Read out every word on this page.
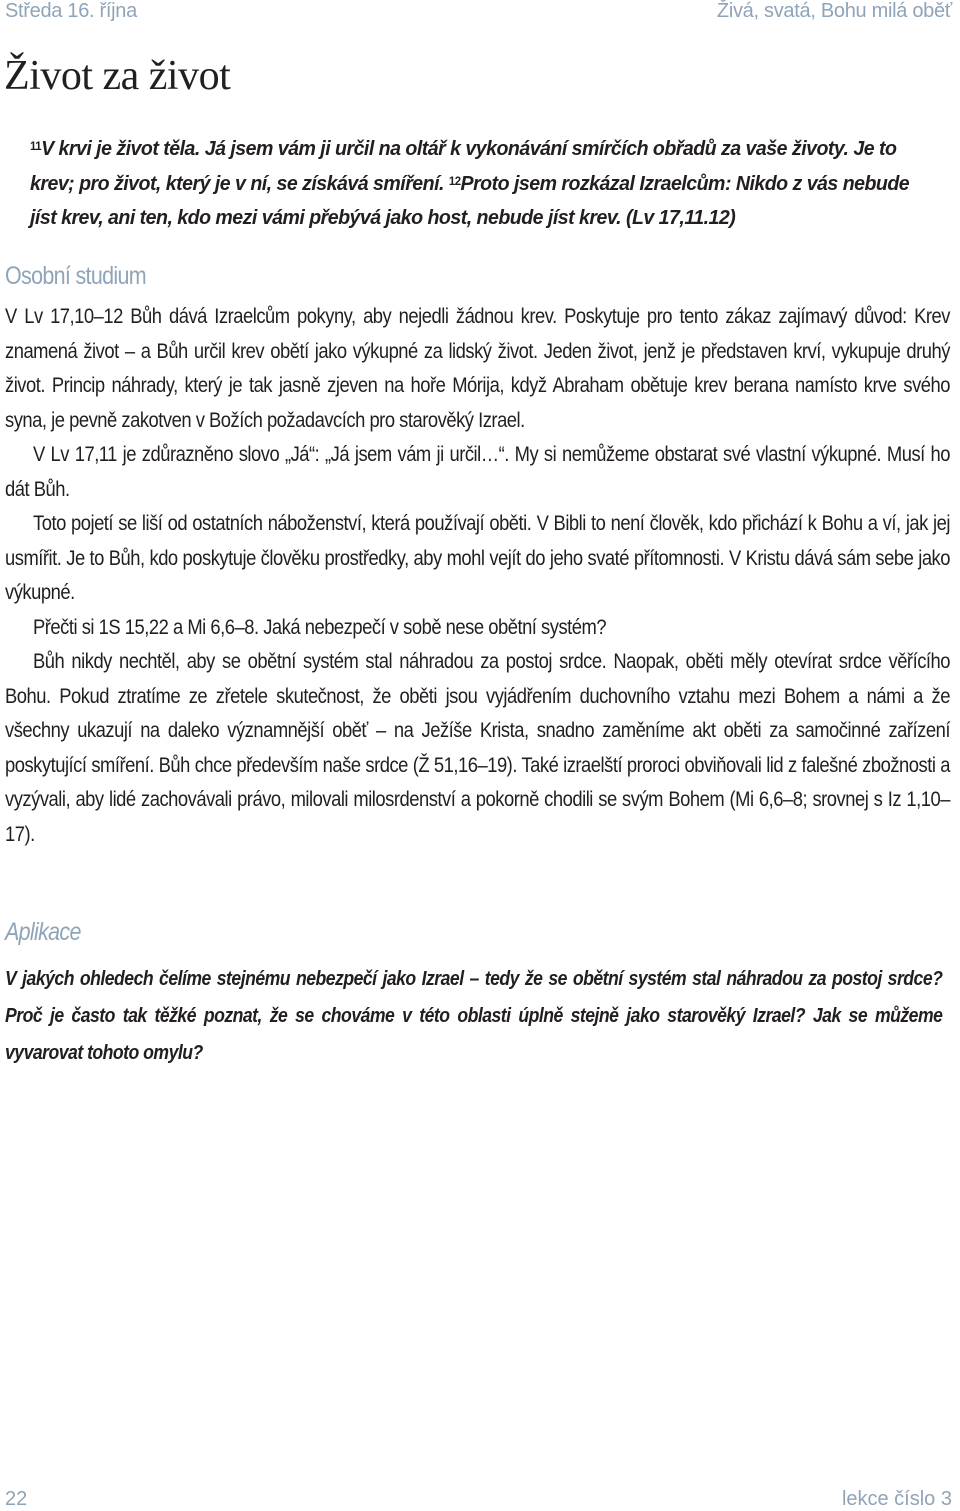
Středa 16. října	Živá, svatá, Bohu milá oběť
Život za život
$^{11}$V krvi je život těla. Já jsem vám ji určil na oltář k vykonávání smírčích obřadů za vaše životy. Je to krev; pro život, který je v ní, se získává smíření. $^{12}$Proto jsem rozkázal Izraelcům: Nikdo z vás nebude jíst krev, ani ten, kdo mezi vámi přebývá jako host, nebude jíst krev. (Lv 17,11.12)
Osobní studium

V Lv 17,10–12 Bůh dává Izraelcům pokyny, aby nejedli žádnou krev. Poskytuje pro tento zákaz zajímavý důvod: Krev znamená život – a Bůh určil krev obětí jako výkupné za lidský život. Jeden život, jenž je představen krví, vykupuje druhý život. Princip náhrady, který je tak jasně zjeven na hoře Mórija, když Abraham obětuje krev berana namísto krve svého syna, je pevně zakotven v Božích požadavcích pro starověký Izrael.

V Lv 17,11 je zdůrazněno slovo „Já“: „Já jsem vám ji určil…“. My si nemůžeme obstarat své vlastní výkupné. Musí ho dát Bůh.

Toto pojetí se liší od ostatních náboženství, která používají oběti. V Bibli to není člověk, kdo přichází k Bohu a ví, jak jej usmířit. Je to Bůh, kdo poskytuje člověku prostředky, aby mohl vejít do jeho svaté přítomnosti. V Kristu dává sám sebe jako výkupné.

Přečti si 1S 15,22 a Mi 6,6–8. Jaká nebezpečí v sobě nese obětní systém?

Bůh nikdy nechtěl, aby se obětní systém stal náhradou za postoj srdce. Naopak, oběti měly otevírat srdce věřícího Bohu. Pokud ztratíme ze zřetele skutečnost, že oběti jsou vyjádřením duchovního vztahu mezi Bohem a námi a že všechny ukazují na daleko významnější oběť – na Ježíše Krista, snadno zaměníme akt oběti za samočinné zařízení poskytující smíření. Bůh chce především naše srdce (Ž 51,16–19). Také izraelští proroci obviňovali lid z falešné zbožnosti a vyzývali, aby lidé zachovávali právo, milovali milosrdenství a pokorně chodili se svým Bohem (Mi 6,6–8; srovnej s Iz 1,10–17).

Aplikace

V jakých ohledech čelíme stejnému nebezpečí jako Izrael – tedy že se obětní systém stal náhradou za postoj srdce? Proč je často tak těžké poznat, že se chováme v této oblasti úplně stejně jako starověký Izrael? Jak se můžeme vyvarovat tohoto omylu?

22	lekce číslo 3
